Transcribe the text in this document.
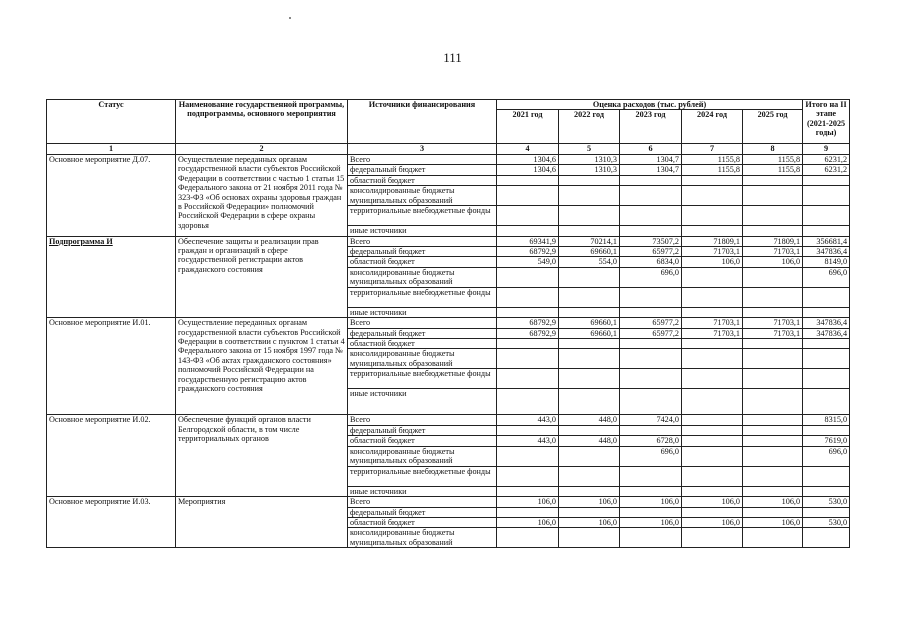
111
Статус	Наименование государственной программы, подпрограммы, основного мероприятия	Источники финансирования	Оценка расходов (тыс. рублей)					Итого на II этапе (2021-2025 годы)
			2021 год	2022 год	2023 год	2024 год	2025 год	
1	2	3	4	5	6	7	8	9
Основное мероприятие Д.07.	Осуществление переданных органам государственной власти субъектов Российской Федерации в соответствии с частью 1 статьи 15 Федерального закона от 21 ноября 2011 года № 323-ФЗ «Об основах охраны здоровья граждан в Российской Федерации» полномочий Российской Федерации в сфере охраны здоровья	Всего	1304,6	1310,3	1304,7	1155,8	1155,8	6231,2
		федеральный бюджет	1304,6	1310,3	1304,7	1155,8	1155,8	6231,2
		областной бюджет						
		консолидированные бюджеты муниципальных образований						
		территориальные внебюджетные фонды						
		иные источники						
Подпрограмма И	Обеспечение защиты и реализации прав граждан и организаций в сфере государственной регистрации актов гражданского состояния	Всего	69341,9	70214,1	73507,2	71809,1	71809,1	356681,4
		федеральный бюджет	68792,9	69660,1	65977,2	71703,1	71703,1	347836,4
		областной бюджет	549,0	554,0	6834,0	106,0	106,0	8149,0
		консолидированные бюджеты муниципальных образований			696,0			696,0
		территориальные внебюджетные фонды						
		иные источники						
Основное мероприятие И.01.	Осуществление переданных органам государственной власти субъектов Российской Федерации в соответствии с пунктом 1 статьи 4 Федерального закона от 15 ноября 1997 года № 143-ФЗ «Об актах гражданского состояния» полномочий Российской Федерации на государственную регистрацию актов гражданского состояния	Всего	68792,9	69660,1	65977,2	71703,1	71703,1	347836,4
		федеральный бюджет	68792,9	69660,1	65977,2	71703,1	71703,1	347836,4
		областной бюджет						
		консолидированные бюджеты муниципальных образований						
		территориальные внебюджетные фонды						
		иные источники						
Основное мероприятие И.02.	Обеспечение функций органов власти Белгородской области, в том числе территориальных органов	Всего	443,0	448,0	7424,0			8315,0
		федеральный бюджет						
		областной бюджет	443,0	448,0	6728,0			7619,0
		консолидированные бюджеты муниципальных образований			696,0			696,0
		территориальные внебюджетные фонды						
		иные источники						
Основное мероприятие И.03.	Мероприятия	Всего	106,0	106,0	106,0	106,0	106,0	530,0
		федеральный бюджет						
		областной бюджет	106,0	106,0	106,0	106,0	106,0	530,0
		консолидированные бюджеты муниципальных образований						
